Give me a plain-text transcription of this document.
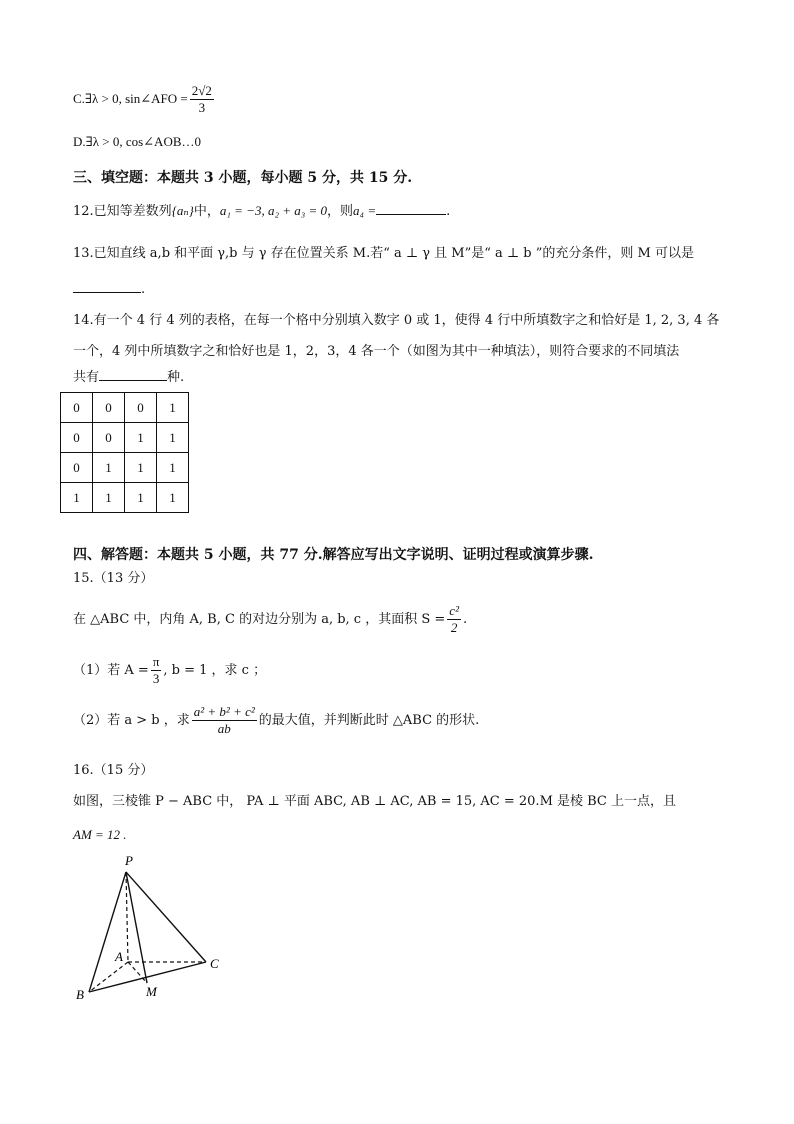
C.∃λ > 0, sin∠AFO = $\frac{2√2}{3}$
D.∃λ > 0, cos∠AOB…0
三、填空题：本题共 3 小题，每小题 5 分，共 15 分.
12.已知等差数列{aₙ}中，a₁ = −3, a₂ + a₃ = 0，则a₄ =	.
13.已知直线 a,b 和平面 γ,b 与 γ 存在位置关系 M.若“ a ⊥ γ 且 M”是“ a ⊥ b ”的充分条件，则 M 可以是
.
14.有一个 4 行 4 列的表格，在每一个格中分别填入数字 0 或 1，使得 4 行中所填数字之和恰好是 1, 2, 3, 4 各
一个，4 列中所填数字之和恰好也是 1，2，3，4 各一个（如图为其中一种填法），则符合要求的不同填法
共有	种.
0	0	0	1
0	0	1	1
0	1	1	1
1	1	1	1
四、解答题：本题共 5 小题，共 77 分.解答应写出文字说明、证明过程或演算步骤.
15.（13 分）
在 △ABC 中，内角 A, B, C 的对边分别为 a, b, c ，其面积 $S = \frac{\text{c²}}{2}$ .
（1）若 $A = \frac{\pi}{3}$ , b = 1 ，求 c ；
（2）若 a > b ，求 $\frac{\text{a² + b² + c²}}{ab}$ 的最大值，并判断此时 △ABC 的形状.
16.（15 分）
如图，三棱锥 P − ABC 中， PA ⊥ 平面 ABC, AB ⊥ AC, AB = 15, AC = 20.M 是棱 BC 上一点，且
AM = 12 .
P
A
B
C
M
